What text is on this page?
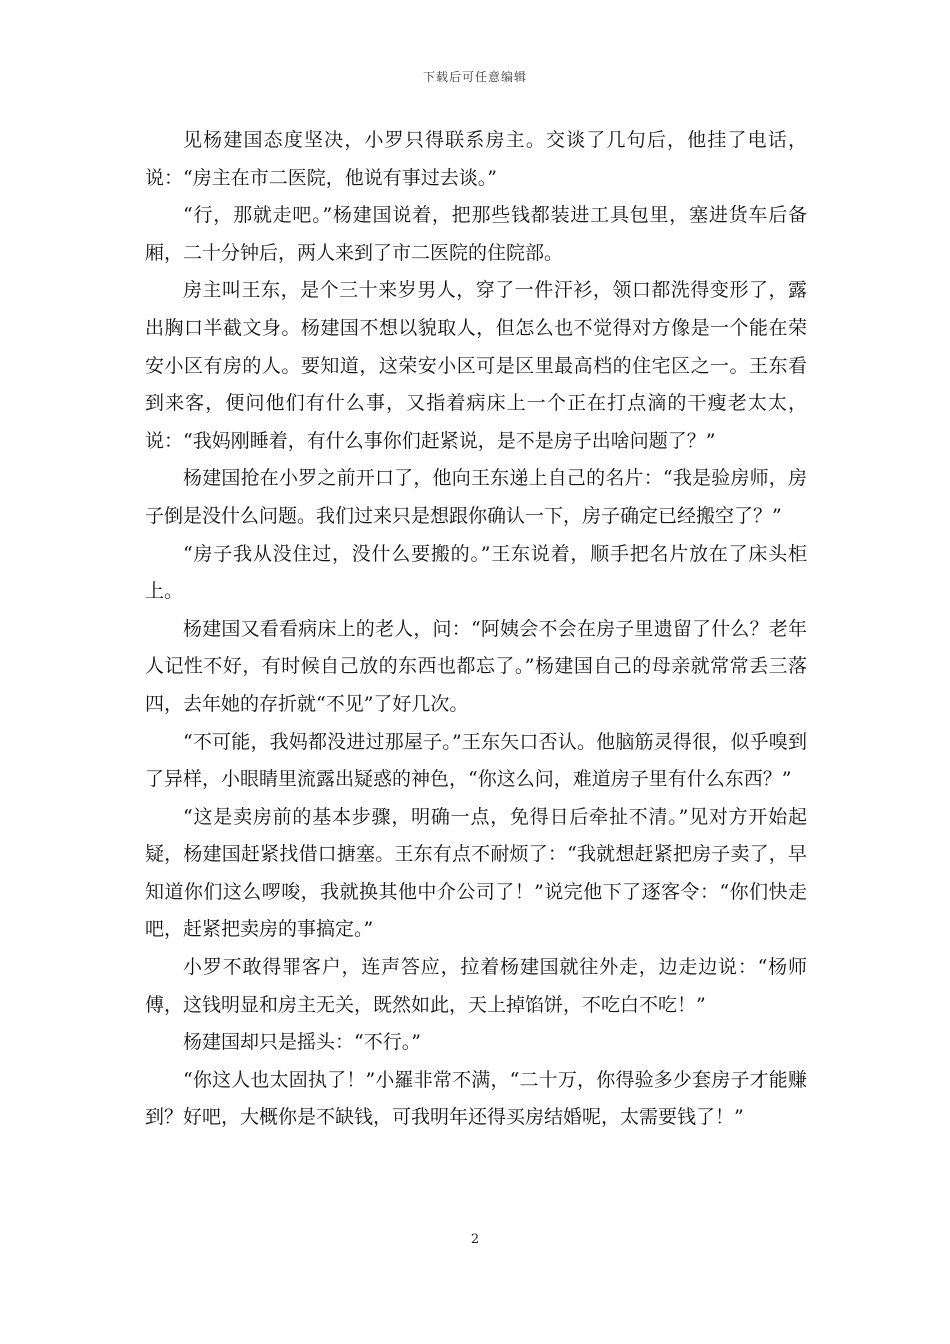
下载后可任意编辑

见杨建国态度坚决，小罗只得联系房主。交谈了几句后，他挂了电话，说：“房主在市二医院，他说有事过去谈。”

“行，那就走吧。”杨建国说着，把那些钱都装进工具包里，塞进货车后备厢，二十分钟后，两人来到了市二医院的住院部。

房主叫王东，是个三十来岁男人，穿了一件汗衫，领口都洗得变形了，露出胸口半截文身。杨建国不想以貌取人，但怎么也不觉得对方像是一个能在荣安小区有房的人。要知道，这荣安小区可是区里最高档的住宅区之一。王东看到来客，便问他们有什么事，又指着病床上一个正在打点滴的干瘦老太太，说：“我妈刚睡着，有什么事你们赶紧说，是不是房子出啥问题了？”

杨建国抢在小罗之前开口了，他向王东递上自己的名片：“我是验房师，房子倒是没什么问题。我们过来只是想跟你确认一下，房子确定已经搬空了？”

“房子我从没住过，没什么要搬的。”王东说着，顺手把名片放在了床头柜上。

杨建国又看看病床上的老人，问：“阿姨会不会在房子里遗留了什么？老年人记性不好，有时候自己放的东西也都忘了。”杨建国自己的母亲就常常丢三落四，去年她的存折就“不见”了好几次。

“不可能，我妈都没进过那屋子。”王东矢口否认。他脑筋灵得很，似乎嗅到了异样，小眼睛里流露出疑惑的神色，“你这么问，难道房子里有什么东西？”

“这是卖房前的基本步骤，明确一点，免得日后牵扯不清。”见对方开始起疑，杨建国赶紧找借口搪塞。王东有点不耐烦了：“我就想赶紧把房子卖了，早知道你们这么啰唆，我就换其他中介公司了！”说完他下了逐客令：“你们快走吧，赶紧把卖房的事搞定。”

小罗不敢得罪客户，连声答应，拉着杨建国就往外走，边走边说：“杨师傅，这钱明显和房主无关，既然如此，天上掉馅饼，不吃白不吃！”

杨建国却只是摇头：“不行。”

“你这人也太固执了！”小羅非常不满，“二十万，你得验多少套房子才能赚到？好吧，大概你是不缺钱，可我明年还得买房结婚呢，太需要钱了！”

2
